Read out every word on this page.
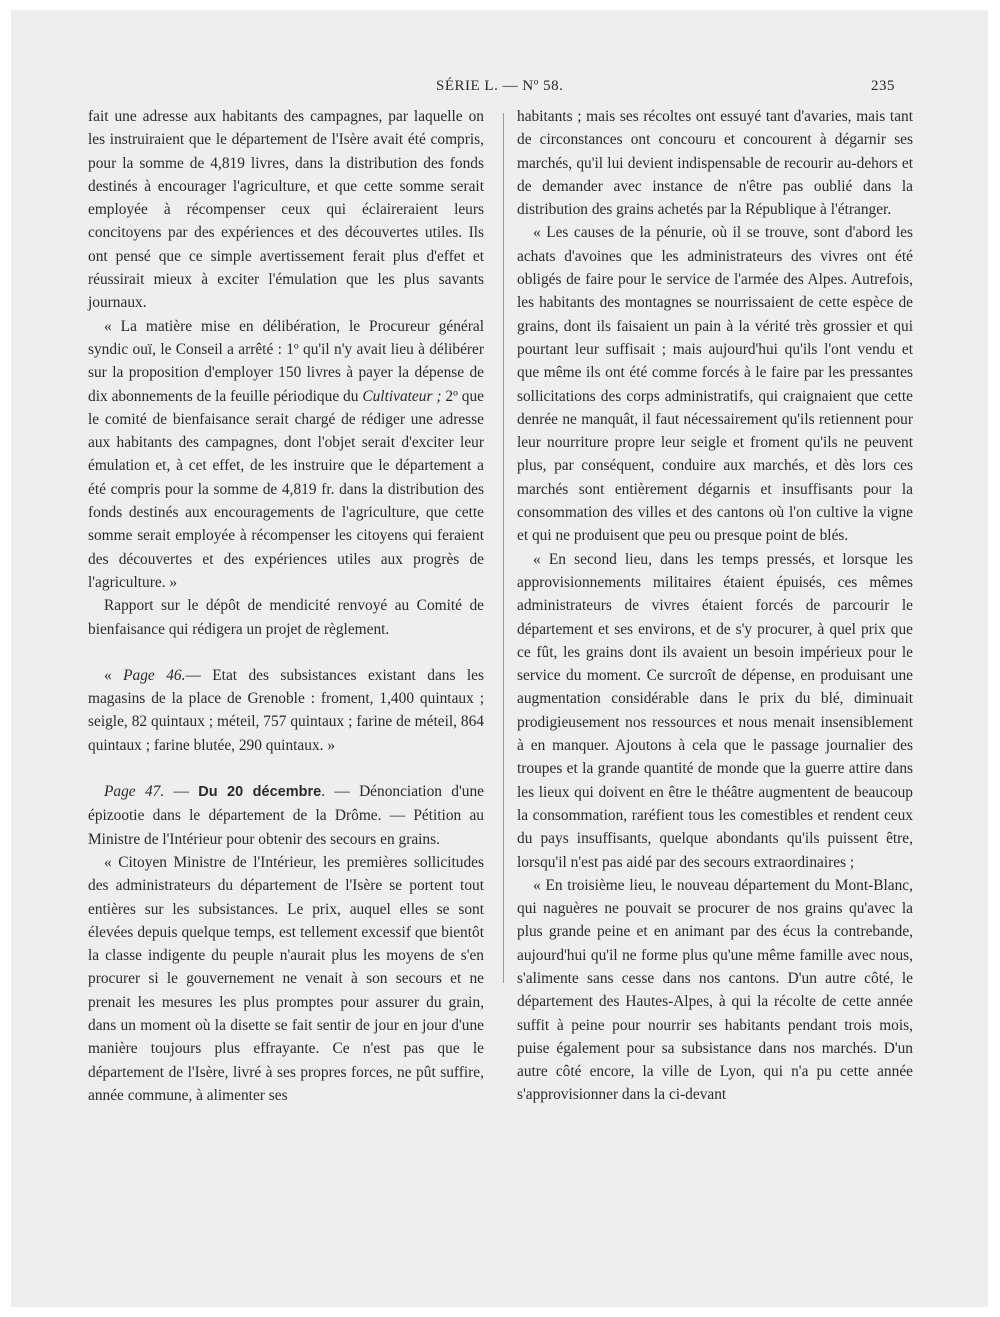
SÉRIE L. — Nº 58.	235

fait une adresse aux habitants des campagnes, par laquelle on les instruiraient que le département de l'Isère avait été compris, pour la somme de 4,819 livres, dans la distribution des fonds destinés à encourager l'agriculture, et que cette somme serait employée à récompenser ceux qui éclaireraient leurs concitoyens par des expériences et des découvertes utiles. Ils ont pensé que ce simple avertissement ferait plus d'effet et réussirait mieux à exciter l'émulation que les plus savants journaux.

« La matière mise en délibération, le Procureur général syndic ouï, le Conseil a arrêté : 1º qu'il n'y avait lieu à délibérer sur la proposition d'employer 150 livres à payer la dépense de dix abonnements de la feuille périodique du Cultivateur ; 2º que le comité de bienfaisance serait chargé de rédiger une adresse aux habitants des campagnes, dont l'objet serait d'exciter leur émulation et, à cet effet, de les instruire que le département a été compris pour la somme de 4,819 fr. dans la distribution des fonds destinés aux encouragements de l'agriculture, que cette somme serait employée à récompenser les citoyens qui feraient des découvertes et des expériences utiles aux progrès de l'agriculture. »

Rapport sur le dépôt de mendicité renvoyé au Comité de bienfaisance qui rédigera un projet de règlement.

« Page 46.— Etat des subsistances existant dans les magasins de la place de Grenoble : froment, 1,400 quintaux ; seigle, 82 quintaux ; méteil, 757 quintaux ; farine de méteil, 864 quintaux ; farine blutée, 290 quintaux. »

Page 47. — Du 20 décembre. — Dénonciation d'une épizootie dans le département de la Drôme. — Pétition au Ministre de l'Intérieur pour obtenir des secours en grains.

« Citoyen Ministre de l'Intérieur, les premières sollicitudes des administrateurs du département de l'Isère se portent tout entières sur les subsistances. Le prix, auquel elles se sont élevées depuis quelque temps, est tellement excessif que bientôt la classe indigente du peuple n'aurait plus les moyens de s'en procurer si le gouvernement ne venait à son secours et ne prenait les mesures les plus promptes pour assurer du grain, dans un moment où la disette se fait sentir de jour en jour d'une manière toujours plus effrayante. Ce n'est pas que le département de l'Isère, livré à ses propres forces, ne pût suffire, année commune, à alimenter ses

habitants ; mais ses récoltes ont essuyé tant d'avaries, mais tant de circonstances ont concouru et concourent à dégarnir ses marchés, qu'il lui devient indispensable de recourir au-dehors et de demander avec instance de n'être pas oublié dans la distribution des grains achetés par la République à l'étranger.

« Les causes de la pénurie, où il se trouve, sont d'abord les achats d'avoines que les administrateurs des vivres ont été obligés de faire pour le service de l'armée des Alpes. Autrefois, les habitants des montagnes se nourrissaient de cette espèce de grains, dont ils faisaient un pain à la vérité très grossier et qui pourtant leur suffisait ; mais aujourd'hui qu'ils l'ont vendu et que même ils ont été comme forcés à le faire par les pressantes sollicitations des corps administratifs, qui craignaient que cette denrée ne manquât, il faut nécessairement qu'ils retiennent pour leur nourriture propre leur seigle et froment qu'ils ne peuvent plus, par conséquent, conduire aux marchés, et dès lors ces marchés sont entièrement dégarnis et insuffisants pour la consommation des villes et des cantons où l'on cultive la vigne et qui ne produisent que peu ou presque point de blés.

« En second lieu, dans les temps pressés, et lorsque les approvisionnements militaires étaient épuisés, ces mêmes administrateurs de vivres étaient forcés de parcourir le département et ses environs, et de s'y procurer, à quel prix que ce fût, les grains dont ils avaient un besoin impérieux pour le service du moment. Ce surcroît de dépense, en produisant une augmentation considérable dans le prix du blé, diminuait prodigieusement nos ressources et nous menait insensiblement à en manquer. Ajoutons à cela que le passage journalier des troupes et la grande quantité de monde que la guerre attire dans les lieux qui doivent en être le théâtre augmentent de beaucoup la consommation, raréfient tous les comestibles et rendent ceux du pays insuffisants, quelque abondants qu'ils puissent être, lorsqu'il n'est pas aidé par des secours extraordinaires ;

« En troisième lieu, le nouveau département du Mont-Blanc, qui naguères ne pouvait se procurer de nos grains qu'avec la plus grande peine et en animant par des écus la contrebande, aujourd'hui qu'il ne forme plus qu'une même famille avec nous, s'alimente sans cesse dans nos cantons. D'un autre côté, le département des Hautes-Alpes, à qui la récolte de cette année suffit à peine pour nourrir ses habitants pendant trois mois, puise également pour sa subsistance dans nos marchés. D'un autre côté encore, la ville de Lyon, qui n'a pu cette année s'approvisionner dans la ci-devant
